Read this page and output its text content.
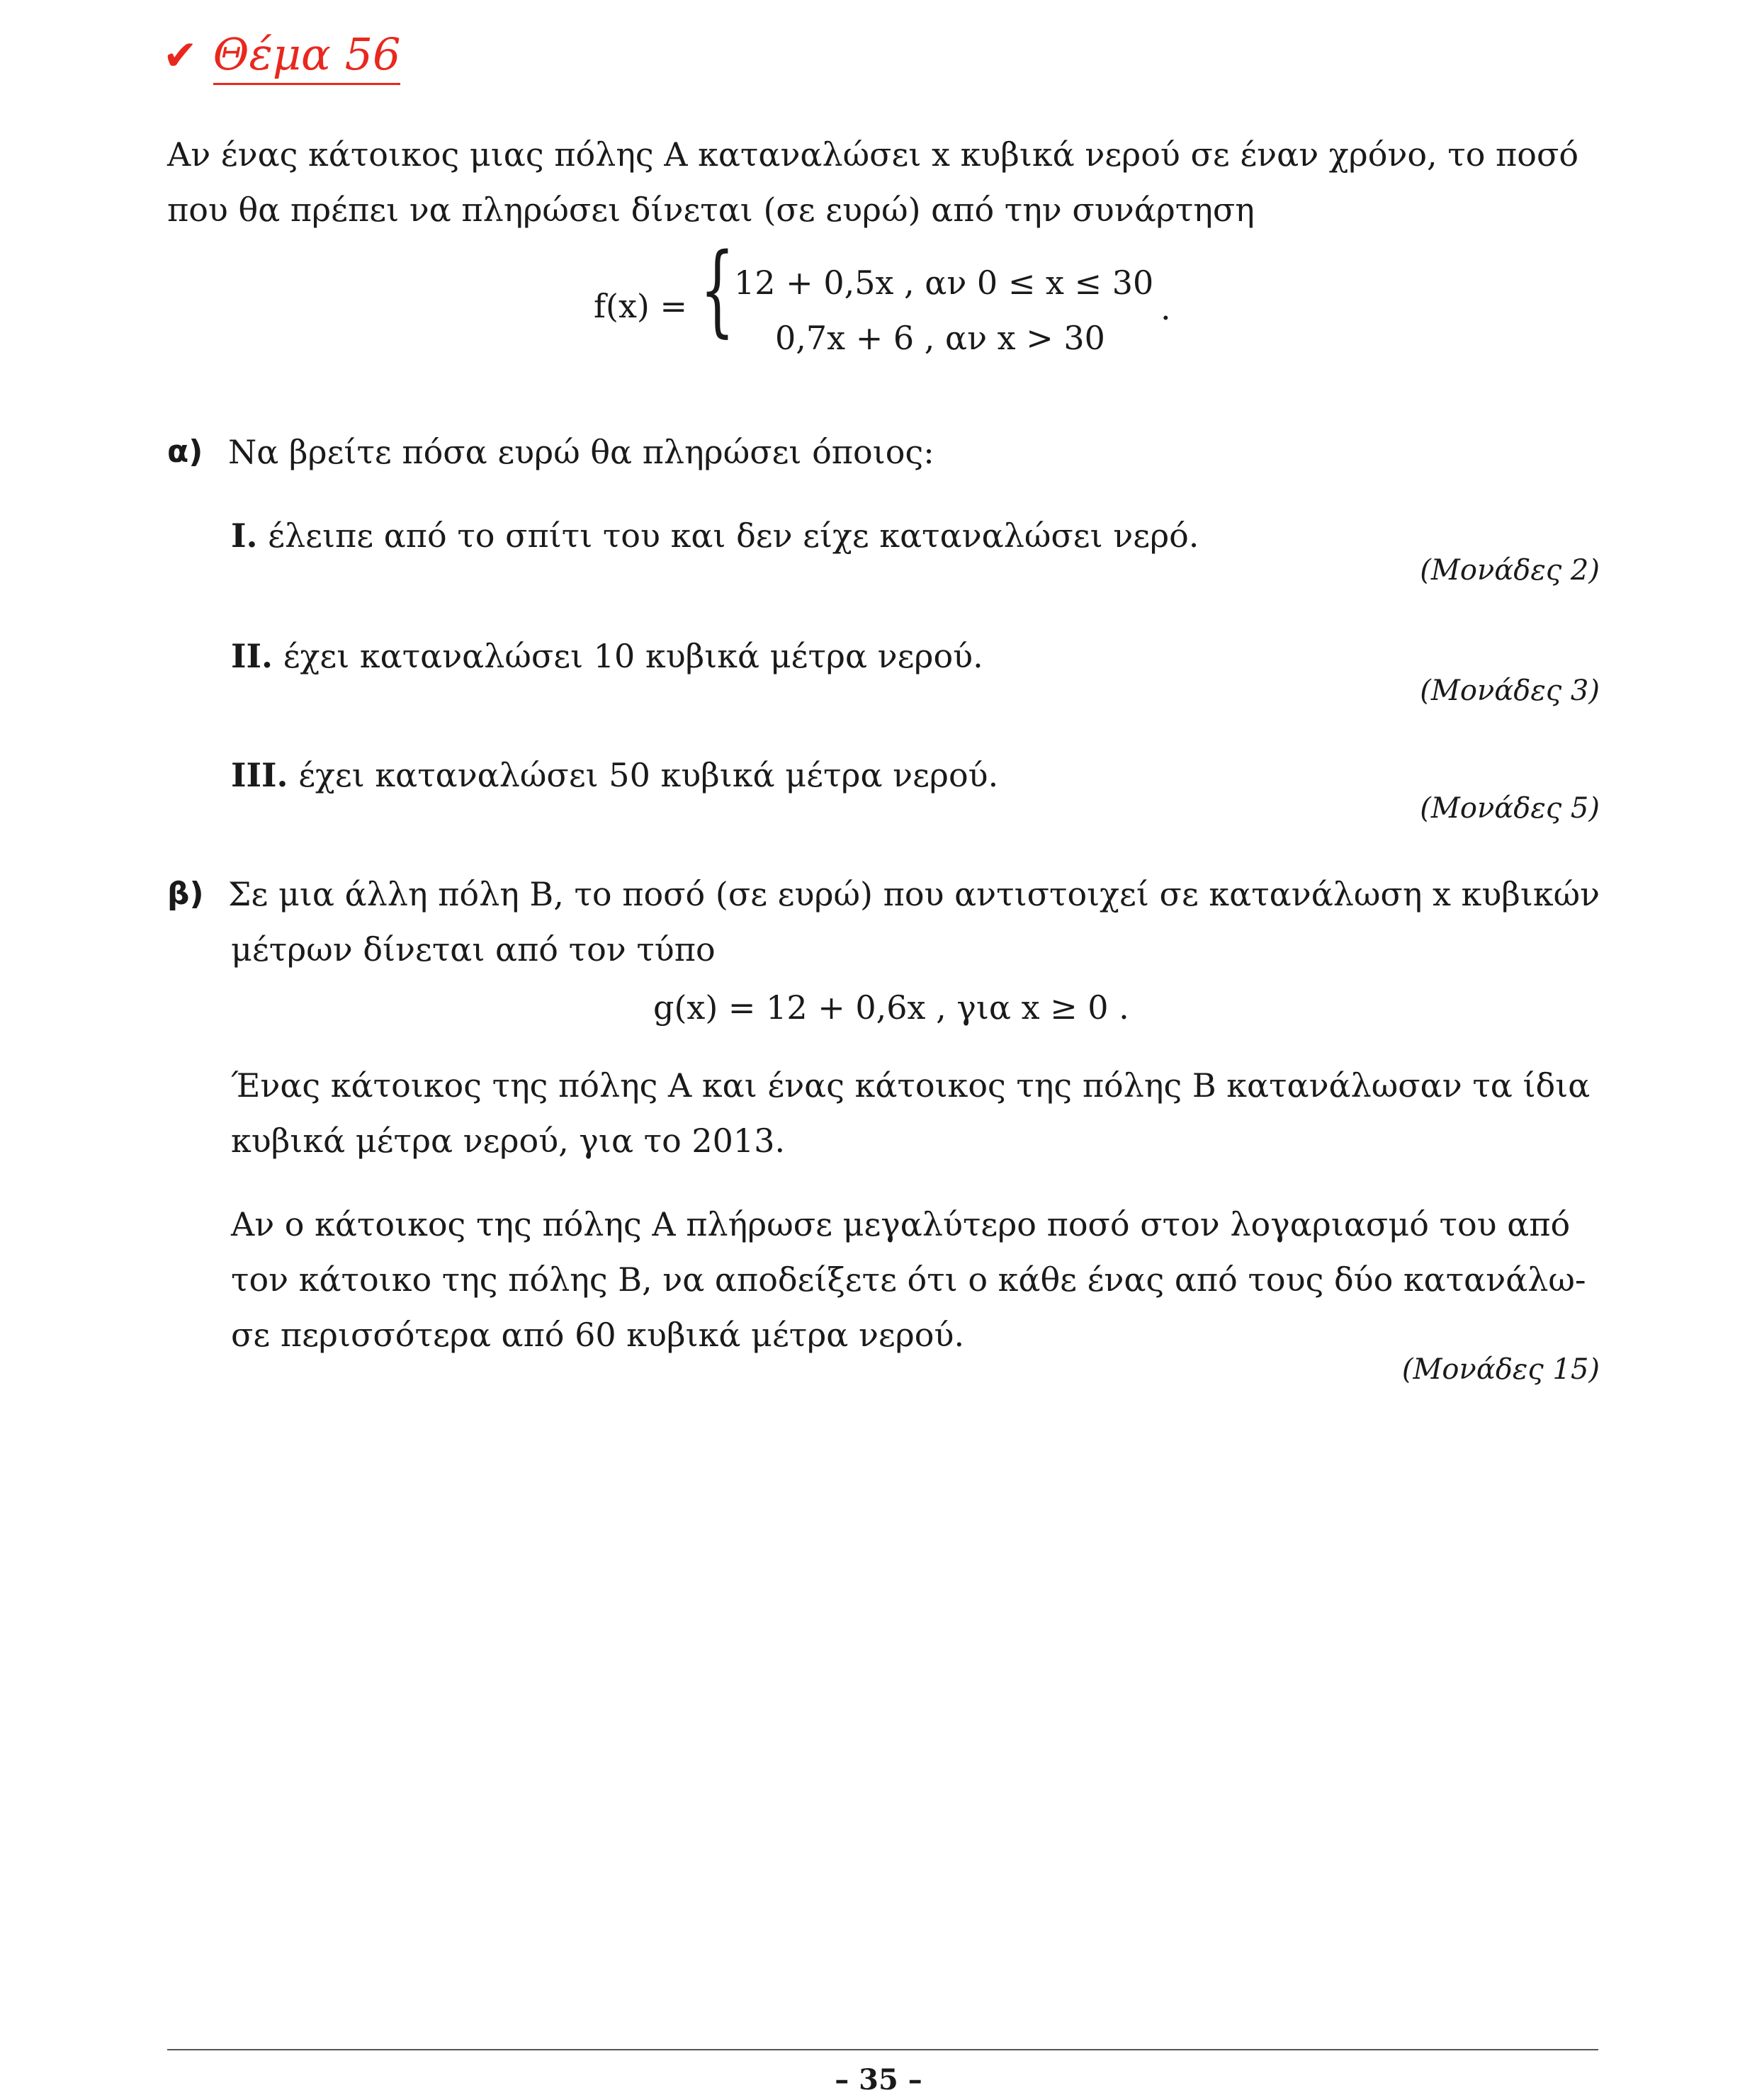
✔ Θέμα 56
Αν ένας κάτοικος μιας πόλης Α καταναλώσει x κυβικά νερού σε έναν χρόνο, το ποσό
που θα πρέπει να πληρώσει δίνεται (σε ευρώ) από την συνάρτηση
f(x) = { 12 + 0,5x , αν 0 ≤ x ≤ 30
0,7x + 6 , αν x > 30
.
α) Να βρείτε πόσα ευρώ θα πληρώσει όποιος:
I. έλειπε από το σπίτι του και δεν είχε καταναλώσει νερό.
(Μονάδες 2)
II. έχει καταναλώσει 10 κυβικά μέτρα νερού.
(Μονάδες 3)
III. έχει καταναλώσει 50 κυβικά μέτρα νερού.
(Μονάδες 5)
β) Σε μια άλλη πόλη Β, το ποσό (σε ευρώ) που αντιστοιχεί σε κατανάλωση x κυβικών
μέτρων δίνεται από τον τύπο
g(x) = 12 + 0,6x , για x ≥ 0 .
Ένας κάτοικος της πόλης Α και ένας κάτοικος της πόλης Β κατανάλωσαν τα ίδια
κυβικά μέτρα νερού, για το 2013.
Αν ο κάτοικος της πόλης Α πλήρωσε μεγαλύτερο ποσό στον λογαριασμό του από
τον κάτοικο της πόλης Β, να αποδείξετε ότι ο κάθε ένας από τους δύο κατανάλω-
σε περισσότερα από 60 κυβικά μέτρα νερού.
(Μονάδες 15)
– 35 –
